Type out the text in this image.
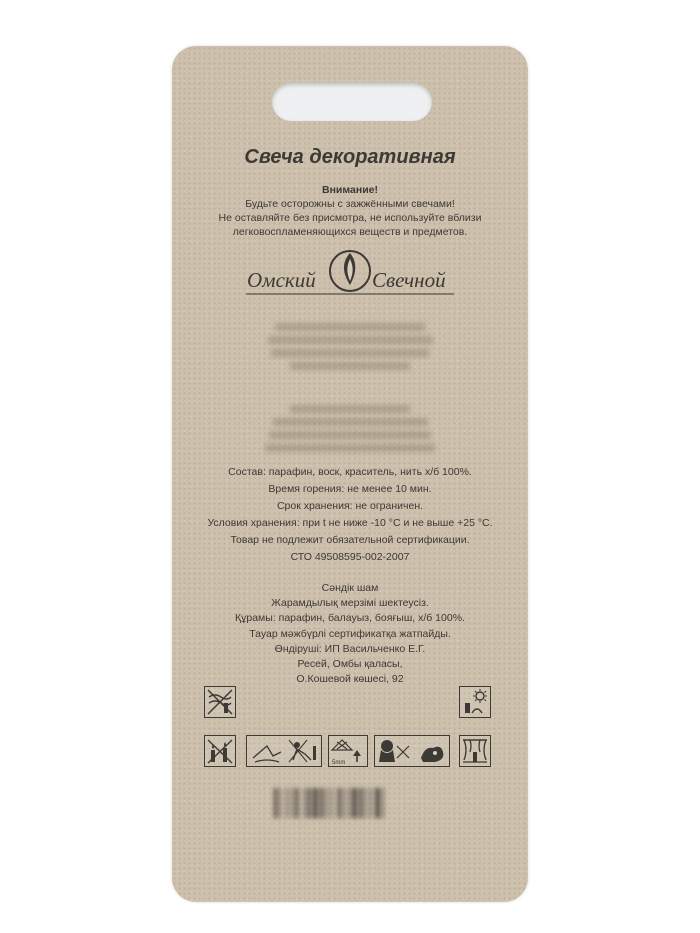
Свеча декоративная
Внимание!
Будьте осторожны с зажжёнными свечами!
Не оставляйте без присмотра, не используйте вблизи
легковоспламеняющихся веществ и предметов.
Омский	Свечной
Состав: парафин, воск, краситель, нить х/б 100%.
Время горения: не менее 10 мин.
Срок хранения: не ограничен.
Условия хранения: при t не ниже -10 °С и не выше +25 °С.
Товар не подлежит обязательной сертификации.
СТО 49508595-002-2007
Сәндік шам
Жарамдылық мерзімі шектеусіз.
Құрамы: парафин, балауыз, бояғыш, х/б 100%.
Тауар мәжбүрлі сертификатқа жатпайды.
Өндіруші: ИП Васильченко Е.Г.
Ресей, Омбы қаласы,
О.Кошевой көшесі, 92
5mm
